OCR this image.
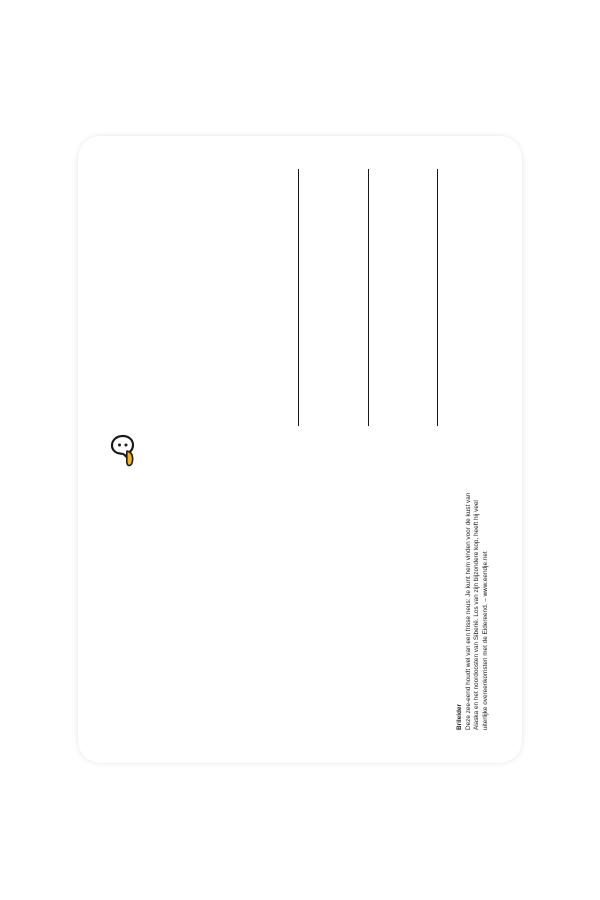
Brileider Deze zee-eend houdt wel van een frisse neus: Je kunt hem vinden voor de kust van Alaska en het noordoosten van Siberië. Los van zijn bijzondere kop, heeft hij veel uiterlijke overeenkomsten met de Eidereend. – www.eendje.net
